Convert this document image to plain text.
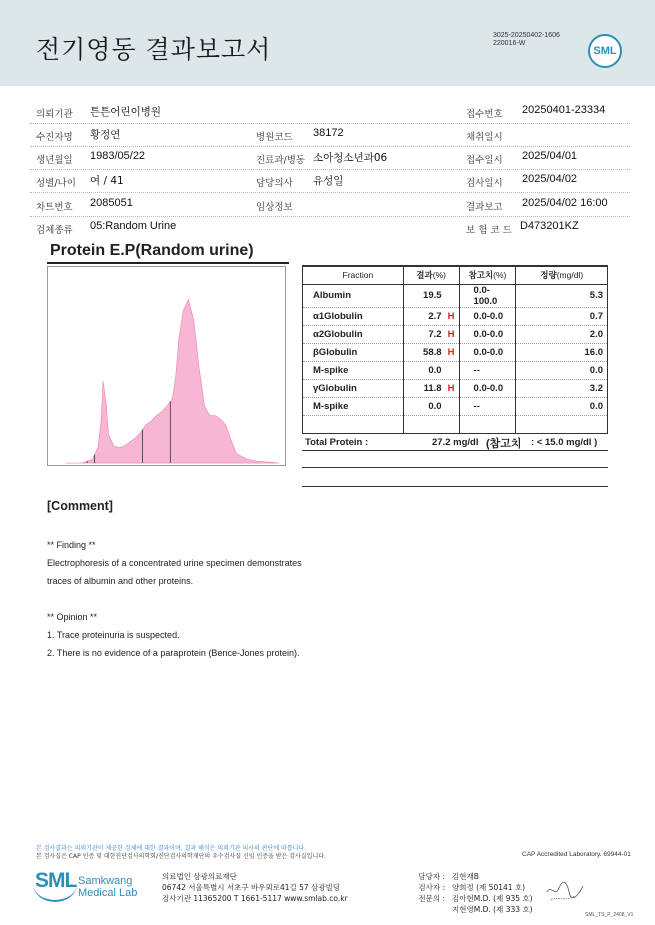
전기영동 결과보고서	3025-20250402-1606
220016-W
SML
의뢰기관 튼튼어린이병원	접수번호 20250401-23334
수진자명 황정연	병원코드 38172	채취일시
생년월일 1983/05/22	진료과/병동 소아청소년과06	접수일시 2025/04/01
성별/나이 여 / 41	담당의사 유성일	검사일시 2025/04/02
차트번호 2085051	임상정보	결과보고 2025/04/02 16:00
검체종류 05:Random Urine	보 험 코 드 D473201KZ
Protein E.P(Random urine)
Fraction	결과(%)	참고치(%)	정량(mg/dl)
Albumin	19.5	0.0-100.0	5.3
α1Globulin	2.7 H	0.0-0.0	0.7
α2Globulin	7.2 H	0.0-0.0	2.0
βGlobulin	58.8 H	0.0-0.0	16.0
M-spike	0.0	--	0.0
γGlobulin	11.8 H	0.0-0.0	3.2
M-spike	0.0	--	0.0

Total Protein :	27.2 mg/dl (참고치 : < 15.0 mg/dl )
[Comment]
** Finding **
Electrophoresis of a concentrated urine specimen demonstrates
traces of albumin and other proteins.
** Opinion **
1. Trace proteinuria is suspected.
2. There is no evidence of a paraprotein (Bence-Jones protein).
본 검사결과는 의뢰기관이 제공한 검체에 대한 결과이며, 결과 해석은 의뢰기관 의사의 판단에 따릅니다.
본 검사실은 CAP 인증 및 대한진단검사의학회/진단검사의학재단의 우수검사실 신임 인증을 받은 검사실입니다.	CAP Accredited Laboratory. 69944-01
SML Samkwang
Medical Lab
의료법인 삼광의료재단
06742 서울특별시 서초구 바우뫼로41길 57 삼광빌딩
검사기관 11365200 T 1661-5117 www.smlab.co.kr
담당자 : 김현재B
검사자 : 양희정 (제 50141 호)
전문의 : 김아현M.D. (제 935 호)
지현영M.D. (제 333 호)
SML_TS_P_2408_V1
